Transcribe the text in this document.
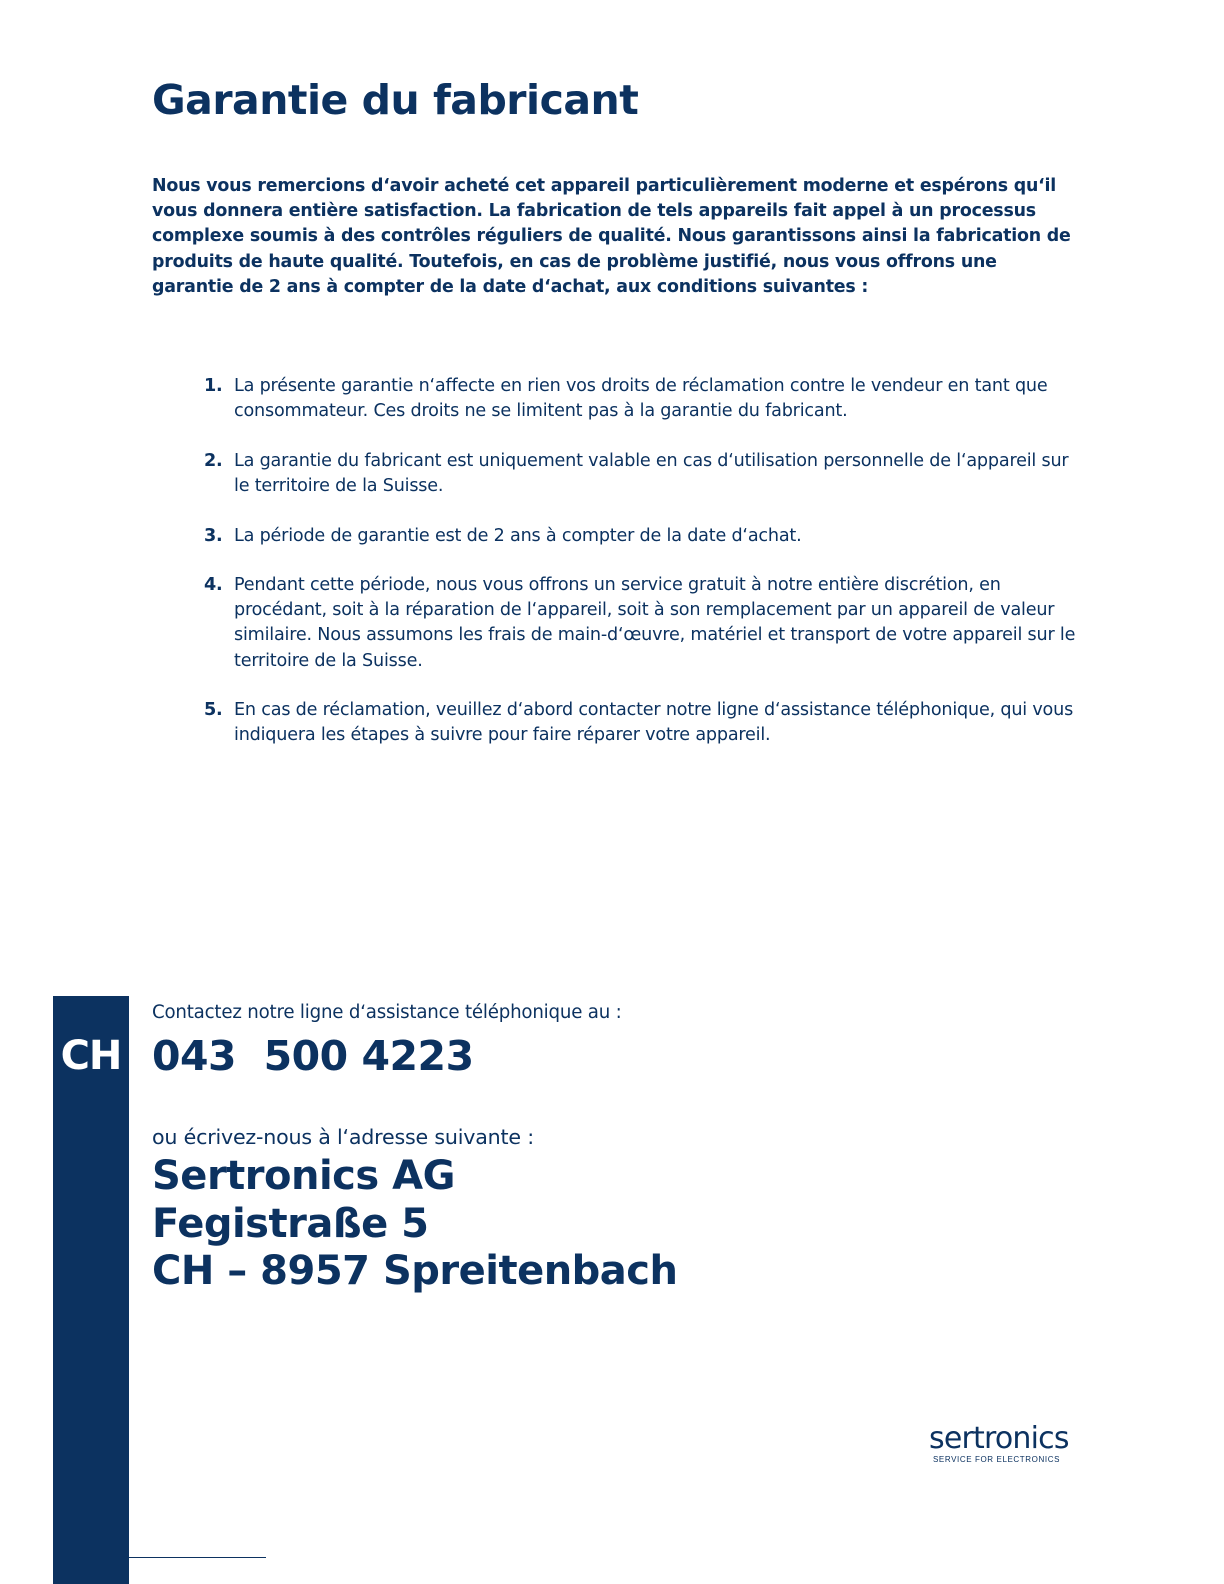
Garantie du fabricant

Nous vous remercions d‘avoir acheté cet appareil particulièrement moderne et espérons qu‘il vous donnera entière satisfaction. La fabrication de tels appareils fait appel à un processus complexe soumis à des contrôles réguliers de qualité. Nous garantissons ainsi la fabrication de produits de haute qualité. Toutefois, en cas de problème justifié, nous vous offrons une garantie de 2 ans à compter de la date d‘achat, aux conditions suivantes :

1. La présente garantie n‘affecte en rien vos droits de réclamation contre le vendeur en tant que consommateur. Ces droits ne se limitent pas à la garantie du fabricant.
2. La garantie du fabricant est uniquement valable en cas d‘utilisation personnelle de l‘appareil sur le territoire de la Suisse.
3. La période de garantie est de 2 ans à compter de la date d‘achat.
4. Pendant cette période, nous vous offrons un service gratuit à notre entière discrétion, en procédant, soit à la réparation de l‘appareil, soit à son remplacement par un appareil de valeur similaire. Nous assumons les frais de main-d‘œuvre, matériel et transport de votre appareil sur le territoire de la Suisse.
5. En cas de réclamation, veuillez d‘abord contacter notre ligne d‘assistance téléphonique, qui vous indiquera les étapes à suivre pour faire réparer votre appareil.
CH

Contactez notre ligne d‘assistance téléphonique au :

043  500 4223

ou écrivez-nous à l‘adresse suivante :

Sertronics AG
Fegistraße 5
CH – 8957 Spreitenbach

sertronics
SERVICE FOR ELECTRONICS
